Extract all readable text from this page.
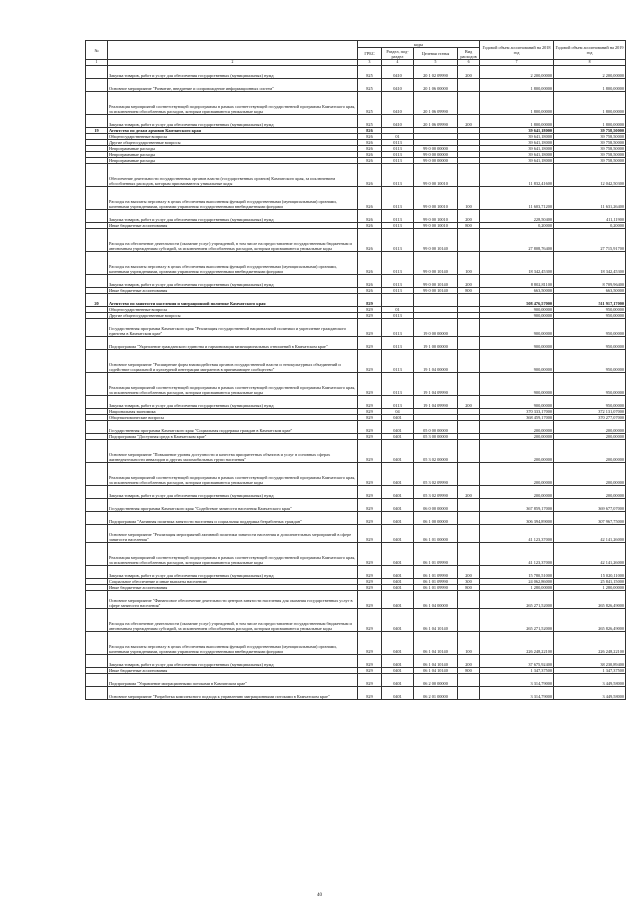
№		коды				Годовой объем ассигнований на 2018 год	Годовой объем ассигнований на 2019 год
		ГРБС	Раздел, под-раздел	Целевая статья	Вид расходов		
1	2	3	4	5	6	7	8
	Закупка товаров, работ и услуг для обеспечения государственных (муниципальных) нужд	825	0410	20 1 02 09990	200	2 200,00000	2 200,00000
	Основное мероприятие "Развитие, внедрение и сопровождение информационных систем"	825	0410	20 1 06 00000		1 800,00000	1 800,00000
	Реализация мероприятий соответствующей подпрограммы в рамках соответствующей государственной программы Камчатского края, за исключением обособленных расходов, которым присваиваются уникальные коды	825	0410	20 1 06 09990		1 800,00000	1 800,00000
	Закупка товаров, работ и услуг для обеспечения государственных (муниципальных) нужд	825	0410	20 1 06 09990	200	1 800,00000	1 800,00000
19	Агентство по делам архивов Камчатского края	826				39 641,18000	39 758,50000
	Общегосударственные вопросы	826	01			39 641,18000	39 758,50000
	Другие общегосударственные вопросы	826	0113			39 641,18000	39 758,50000
	Непрограммные расходы	826	0113	99 0 00 00000		39 641,18000	39 758,50000
	Непрограммные расходы	826	0113	99 0 00 00000		39 641,18000	39 758,50000
	Непрограммные расходы	826	0113	99 0 00 00000		39 641,18000	39 758,50000
	Обеспечение деятельности государственных органов власти (государственных органов) Камчатского края, за исключением обособленных расходов, которым присваиваются уникальные коды	826	0113	99 0 00 10010		11 832,41600	12 042,50300
	Расходы на выплаты персоналу в целях обеспечения выполнения функций государственными (муниципальными) органами, казенными учреждениями, органами управления государственными внебюджетными фондами	826	0113	99 0 00 10010	100	11 603,71200	11 631,26400
	Закупка товаров, работ и услуг для обеспечения государственных (муниципальных) нужд	826	0113	99 0 00 10010	200	228,50400	411,11900
	Иные бюджетные ассигнования	826	0113	99 0 00 10010	800	0,20000	0,20000
	Расходы на обеспечение деятельности (оказание услуг) учреждений, в том числе на предоставление государственным бюджетным и автономным учреждениям субсидий, за исключением обособленных расходов, которым присваиваются уникальные коды	826	0113	99 0 00 10140		27 808,76400	27 715,91700
	Расходы на выплаты персоналу в целях обеспечения выполнения функций государственными (муниципальными) органами, казенными учреждениями, органами управления государственными внебюджетными фондами	826	0113	99 0 00 10140	100	18 342,45300	18 342,45300
	Закупка товаров, работ и услуг для обеспечения государственных (муниципальных) нужд	826	0113	99 0 00 10140	200	8 802,81100	8 709,96400
	Иные бюджетные ассигнования	826	0113	99 0 00 10140	800	663,50000	663,50000
20	Агентство по занятости населения и миграционной политике Камчатского края	829				508 476,57000	511 917,17000
	Общегосударственные вопросы	829	01			900,00000	950,00000
	Другие общегосударственные вопросы	829	0113			900,00000	950,00000
	Государственная программа Камчатского края "Реализация государственной национальной политики и укрепление гражданского единства в Камчатском крае"	829	0113	19 0 00 00000		900,00000	950,00000
	Подпрограмма "Укрепление гражданского единства и гармонизация межнациональных отношений в Камчатском крае"	829	0113	19 1 00 00000		900,00000	950,00000
	Основное мероприятие "Расширение форм взаимодействия органов государственной власти и этнокультурных объединений и содействие социальной и культурной интеграции мигрантов в принимающее сообщество"	829	0113	19 1 04 00000		900,00000	950,00000
	Реализация мероприятий соответствующей подпрограммы в рамках соответствующей государственной программы Камчатского края, за исключением обособленных расходов, которым присваиваются уникальные коды	829	0113	19 1 04 09990		900,00000	950,00000
	Закупка товаров, работ и услуг для обеспечения государственных (муниципальных) нужд	829	0113	19 1 04 09990	200	900,00000	950,00000
	Национальная экономика	829	04			370 333,17000	372 131,07000
	Общеэкономические вопросы	829	0401			368 459,17000	370 277,07000
	Государственная программа Камчатского края "Социальная поддержка граждан в Камчатском крае"	829	0401	05 0 00 00000		200,00000	200,00000
	Подпрограмма "Доступная среда в Камчатском крае"	829	0401	05 3 00 00000		200,00000	200,00000
	Основное мероприятие "Повышение уровня доступности и качества приоритетных объектов и услуг в основных сферах жизнедеятельности инвалидов и других маломобильных групп населения"	829	0401	05 3 02 00000		200,00000	200,00000
	Реализация мероприятий соответствующей подпрограммы в рамках соответствующей государственной программы Камчатского края, за исключением обособленных расходов, которым присваиваются уникальные коды	829	0401	05 3 02 09990		200,00000	200,00000
	Закупка товаров, работ и услуг для обеспечения государственных (муниципальных) нужд	829	0401	05 3 02 09990	200	200,00000	200,00000
	Государственная программа Камчатского края "Содействие занятости населения Камчатского края"	829	0401	06 0 00 00000		367 859,17000	369 677,07000
	Подпрограмма "Активная политика занятости населения и социальная поддержка безработных граждан"	829	0401	06 1 00 00000		306 394,89000	307 967,75000
	Основное мероприятие "Реализация мероприятий активной политики занятости населения и дополнительных мероприятий в сфере занятости населения"	829	0401	06 1 01 00000		41 123,37000	42 141,26000
	Реализация мероприятий соответствующей подпрограммы в рамках соответствующей государственной программы Камчатского края, за исключением обособленных расходов, которым присваиваются уникальные коды	829	0401	06 1 01 09990		41 123,37000	42 141,26000
	Закупка товаров, работ и услуг для обеспечения государственных (муниципальных) нужд	829	0401	06 1 01 09990	200	15 780,51000	15 020,11000
	Социальное обеспечение и иные выплаты населению	829	0401	06 1 01 09990	300	24 062,86000	25 841,15000
	Иные бюджетные ассигнования	829	0401	06 1 01 09990	800	1 280,00000	1 280,00000
	Основное мероприятие "Финансовое обеспечение деятельности центров занятости населения для оказания государственных услуг в сфере занятости населения"	829	0401	06 1 04 00000		265 271,52000	265 826,49000
	Расходы на обеспечение деятельности (оказание услуг) учреждений, в том числе на предоставление государственным бюджетным и автономным учреждениям субсидий, за исключением обособленных расходов, которым присваиваются уникальные коды	829	0401	06 1 04 10140		265 271,52000	265 826,49000
	Расходы на выплаты персоналу в целях обеспечения выполнения функций государственными (муниципальными) органами, казенными учреждениями, органами управления государственными внебюджетными фондами	829	0401	06 1 04 10140	100	226 248,22100	226 248,22100
	Закупка товаров, работ и услуг для обеспечения государственных (муниципальных) нужд	829	0401	06 1 04 10140	200	37 675,92400	38 230,89400
	Иные бюджетные ассигнования	829	0401	06 1 04 10140	800	1 347,37500	1 347,37500
	Подпрограмма "Управление миграционными потоками в Камчатском крае"	829	0401	06 2 00 00000		3 314,79000	3 449,58000
	Основное мероприятие "Разработка комплексного подхода к управлению миграционными потоками в Камчатском крае"	829	0401	06 2 01 00000		3 314,79000	3 449,58000
40
